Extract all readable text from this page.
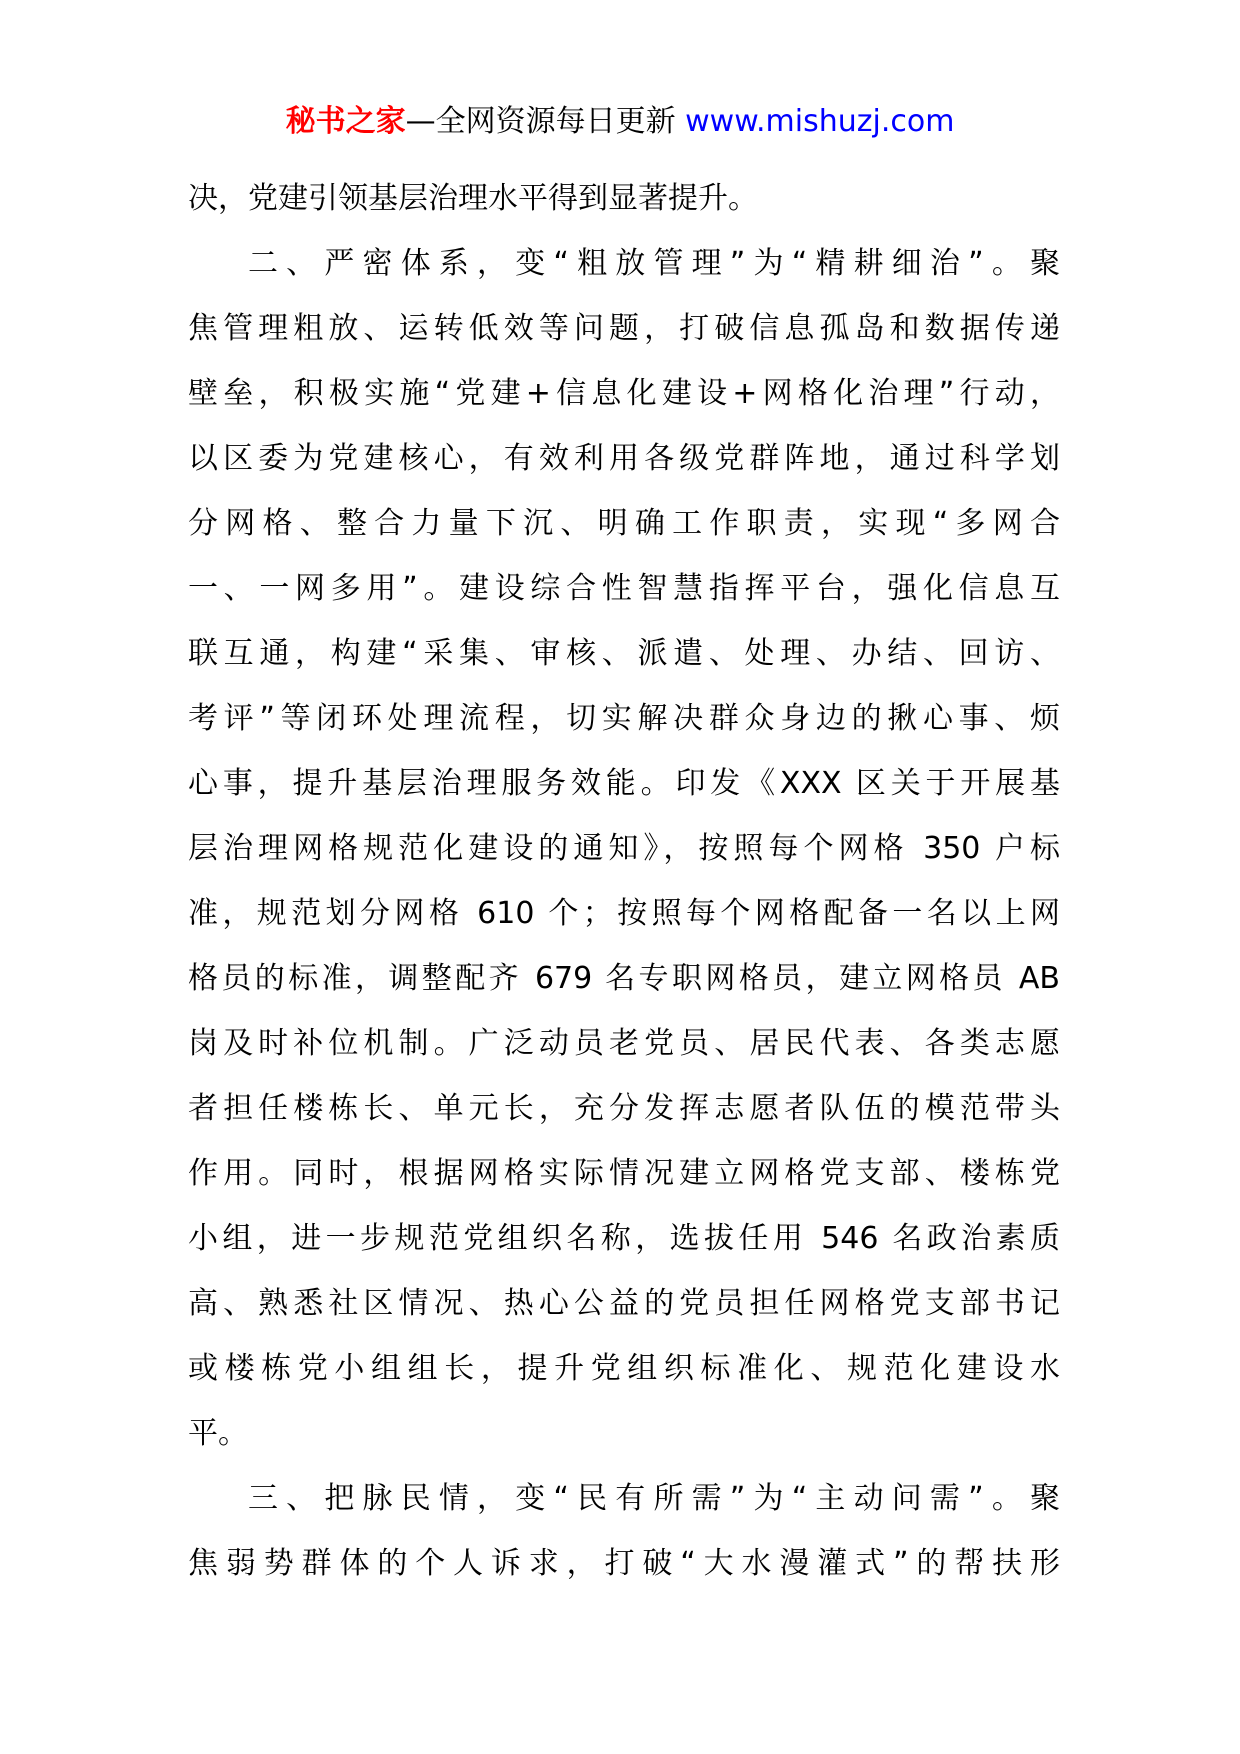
秘书之家—全网资源每日更新 www.mishuzj.com
决，党建引领基层治理水平得到显著提升。
二、严密体系，变“粗放管理”为“精耕细治”。聚
焦管理粗放、运转低效等问题，打破信息孤岛和数据传递
壁垒，积极实施“党建+信息化建设+网格化治理”行动，
以区委为党建核心，有效利用各级党群阵地，通过科学划
分网格、整合力量下沉、明确工作职责，实现“多网合
一、一网多用”。建设综合性智慧指挥平台，强化信息互
联互通，构建“采集、审核、派遣、处理、办结、回访、
考评”等闭环处理流程，切实解决群众身边的揪心事、烦
心事，提升基层治理服务效能。印发《XXX 区关于开展基
层治理网格规范化建设的通知》，按照每个网格 350 户标
准，规范划分网格 610 个；按照每个网格配备一名以上网
格员的标准，调整配齐 679 名专职网格员，建立网格员 AB
岗及时补位机制。广泛动员老党员、居民代表、各类志愿
者担任楼栋长、单元长，充分发挥志愿者队伍的模范带头
作用。同时，根据网格实际情况建立网格党支部、楼栋党
小组，进一步规范党组织名称，选拔任用 546 名政治素质
高、熟悉社区情况、热心公益的党员担任网格党支部书记
或楼栋党小组组长，提升党组织标准化、规范化建设水
平。
三、把脉民情，变“民有所需”为“主动问需”。聚
焦弱势群体的个人诉求，打破“大水漫灌式”的帮扶形
